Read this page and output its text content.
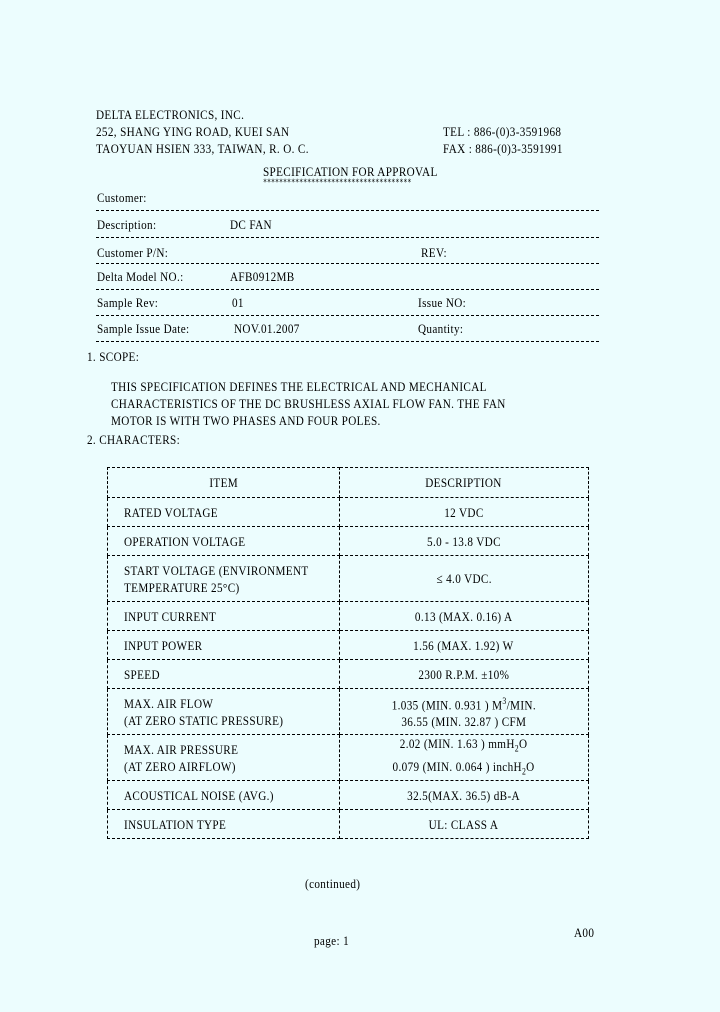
DELTA ELECTRONICS, INC.
252, SHANG YING ROAD, KUEI SAN
TAOYUAN HSIEN 333, TAIWAN, R. O. C.
TEL : 886-(0)3-3591968
FAX : 886-(0)3-3591991
SPECIFICATION FOR APPROVAL
*************************************
Customer:
Description:	DC FAN
Customer P/N:	REV:
Delta Model NO.:	AFB0912MB
Sample Rev:	01	Issue NO:
Sample Issue Date:	NOV.01.2007	Quantity:
1. SCOPE:
THIS SPECIFICATION DEFINES THE ELECTRICAL AND MECHANICAL
CHARACTERISTICS OF THE DC BRUSHLESS AXIAL FLOW FAN. THE FAN
MOTOR IS WITH TWO PHASES AND FOUR POLES.
2. CHARACTERS:
ITEM	DESCRIPTION
RATED VOLTAGE	12 VDC
OPERATION VOLTAGE	5.0 - 13.8 VDC
START VOLTAGE (ENVIRONMENT
TEMPERATURE 25°C)	≤ 4.0 VDC.
INPUT CURRENT	0.13 (MAX. 0.16) A
INPUT POWER	1.56 (MAX. 1.92) W
SPEED	2300 R.P.M. ±10%
MAX. AIR FLOW
(AT ZERO STATIC PRESSURE)	1.035 (MIN. 0.931 ) $M^3$/MIN.
36.55 (MIN. 32.87 ) CFM
MAX. AIR PRESSURE
(AT ZERO AIRFLOW)	2.02 (MIN. 1.63 ) mmH$_2$O
0.079 (MIN. 0.064 ) inchH$_2$O
ACOUSTICAL NOISE (AVG.)	32.5(MAX. 36.5) dB-A
INSULATION TYPE	UL: CLASS A
(continued)
A00
page: 1
